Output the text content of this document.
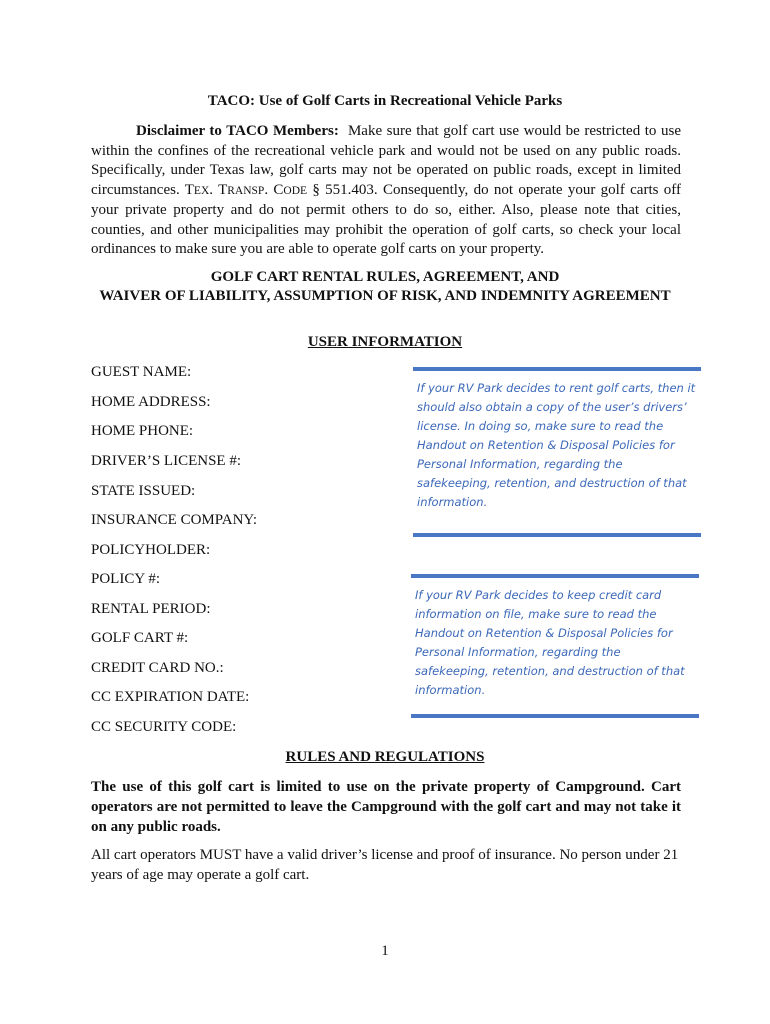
TACO: Use of Golf Carts in Recreational Vehicle Parks
Disclaimer to TACO Members: Make sure that golf cart use would be restricted to use within the confines of the recreational vehicle park and would not be used on any public roads. Specifically, under Texas law, golf carts may not be operated on public roads, except in limited circumstances. TEX. TRANSP. CODE § 551.403. Consequently, do not operate your golf carts off your private property and do not permit others to do so, either. Also, please note that cities, counties, and other municipalities may prohibit the operation of golf carts, so check your local ordinances to make sure you are able to operate golf carts on your property.
GOLF CART RENTAL RULES, AGREEMENT, AND
WAIVER OF LIABILITY, ASSUMPTION OF RISK, AND INDEMNITY AGREEMENT
USER INFORMATION
GUEST NAME:
HOME ADDRESS:
HOME PHONE:
DRIVER’S LICENSE #:
STATE ISSUED:
INSURANCE COMPANY:
POLICYHOLDER:
POLICY #:
RENTAL PERIOD:
GOLF CART #:
CREDIT CARD NO.:
CC EXPIRATION DATE:
CC SECURITY CODE:
If your RV Park decides to rent golf carts, then it should also obtain a copy of the user’s drivers’ license. In doing so, make sure to read the Handout on Retention & Disposal Policies for Personal Information, regarding the safekeeping, retention, and destruction of that information.
If your RV Park decides to keep credit card information on file, make sure to read the Handout on Retention & Disposal Policies for Personal Information, regarding the safekeeping, retention, and destruction of that information.
RULES AND REGULATIONS
The use of this golf cart is limited to use on the private property of Campground. Cart operators are not permitted to leave the Campground with the golf cart and may not take it on any public roads.
All cart operators MUST have a valid driver’s license and proof of insurance. No person under 21 years of age may operate a golf cart.
1
